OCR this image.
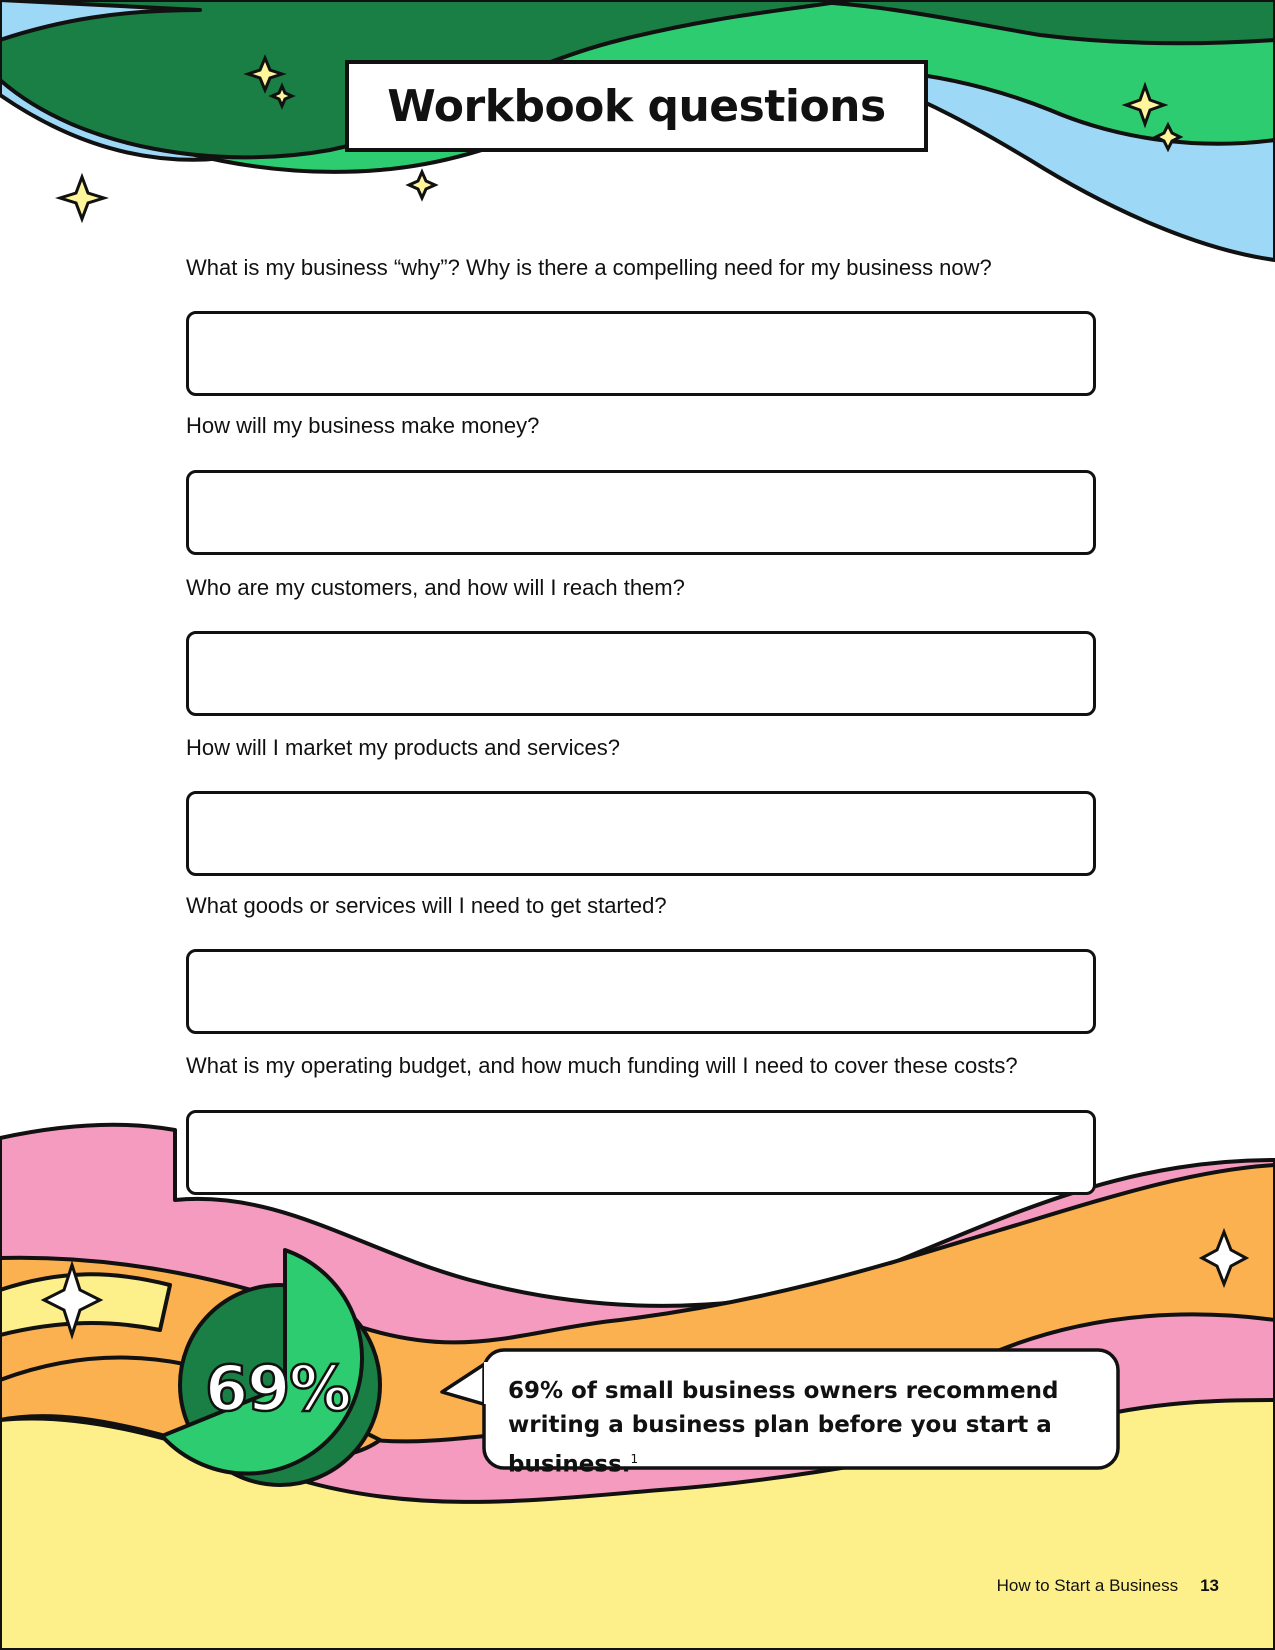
Workbook questions
What is my business “why”? Why is there a compelling need for my business now?
How will my business make money?
Who are my customers, and how will I reach them?
How will I market my products and services?
What goods or services will I need to get started?
What is my operating budget, and how much funding will I need to cover these costs?
69%	69% of small business owners recommend writing a business plan before you start a business.$^1$
How to Start a Business 13
